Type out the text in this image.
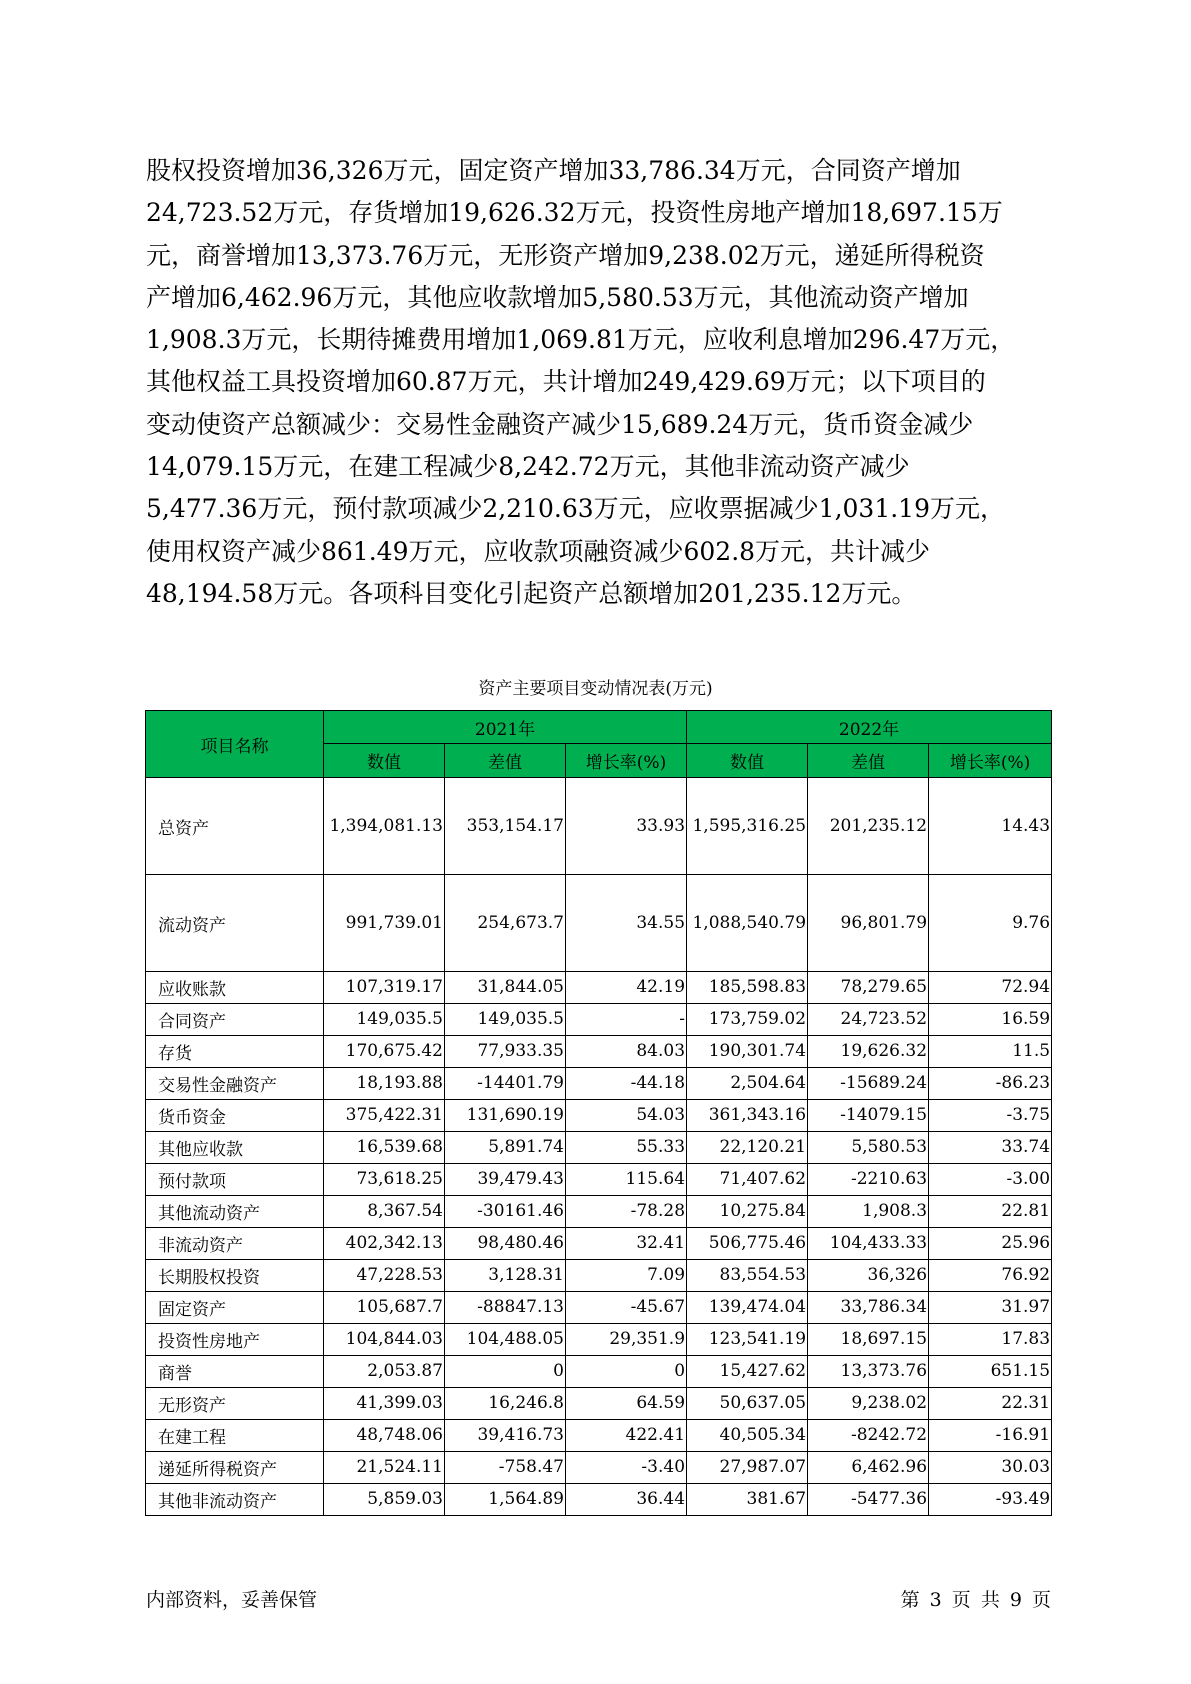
股权投资增加36,326万元，固定资产增加33,786.34万元，合同资产增加
24,723.52万元，存货增加19,626.32万元，投资性房地产增加18,697.15万
元，商誉增加13,373.76万元，无形资产增加9,238.02万元，递延所得税资
产增加6,462.96万元，其他应收款增加5,580.53万元，其他流动资产增加
1,908.3万元，长期待摊费用增加1,069.81万元，应收利息增加296.47万元，
其他权益工具投资增加60.87万元，共计增加249,429.69万元；以下项目的
变动使资产总额减少：交易性金融资产减少15,689.24万元，货币资金减少
14,079.15万元，在建工程减少8,242.72万元，其他非流动资产减少
5,477.36万元，预付款项减少2,210.63万元，应收票据减少1,031.19万元，
使用权资产减少861.49万元，应收款项融资减少602.8万元，共计减少
48,194.58万元。各项科目变化引起资产总额增加201,235.12万元。
资产主要项目变动情况表(万元)
项目名称	2021年			2022年		
	数值	差值	增长率(%)	数值	差值	增长率(%)
总资产	1,394,081.13	353,154.17	33.93	1,595,316.25	201,235.12	14.43
流动资产	991,739.01	254,673.7	34.55	1,088,540.79	96,801.79	9.76
应收账款	107,319.17	31,844.05	42.19	185,598.83	78,279.65	72.94
合同资产	149,035.5	149,035.5	-	173,759.02	24,723.52	16.59
存货	170,675.42	77,933.35	84.03	190,301.74	19,626.32	11.5
交易性金融资产	18,193.88	-14401.79	-44.18	2,504.64	-15689.24	-86.23
货币资金	375,422.31	131,690.19	54.03	361,343.16	-14079.15	-3.75
其他应收款	16,539.68	5,891.74	55.33	22,120.21	5,580.53	33.74
预付款项	73,618.25	39,479.43	115.64	71,407.62	-2210.63	-3.00
其他流动资产	8,367.54	-30161.46	-78.28	10,275.84	1,908.3	22.81
非流动资产	402,342.13	98,480.46	32.41	506,775.46	104,433.33	25.96
长期股权投资	47,228.53	3,128.31	7.09	83,554.53	36,326	76.92
固定资产	105,687.7	-88847.13	-45.67	139,474.04	33,786.34	31.97
投资性房地产	104,844.03	104,488.05	29,351.9	123,541.19	18,697.15	17.83
商誉	2,053.87	0	0	15,427.62	13,373.76	651.15
无形资产	41,399.03	16,246.8	64.59	50,637.05	9,238.02	22.31
在建工程	48,748.06	39,416.73	422.41	40,505.34	-8242.72	-16.91
递延所得税资产	21,524.11	-758.47	-3.40	27,987.07	6,462.96	30.03
其他非流动资产	5,859.03	1,564.89	36.44	381.67	-5477.36	-93.49
内部资料，妥善保管	第 3 页 共 9 页
